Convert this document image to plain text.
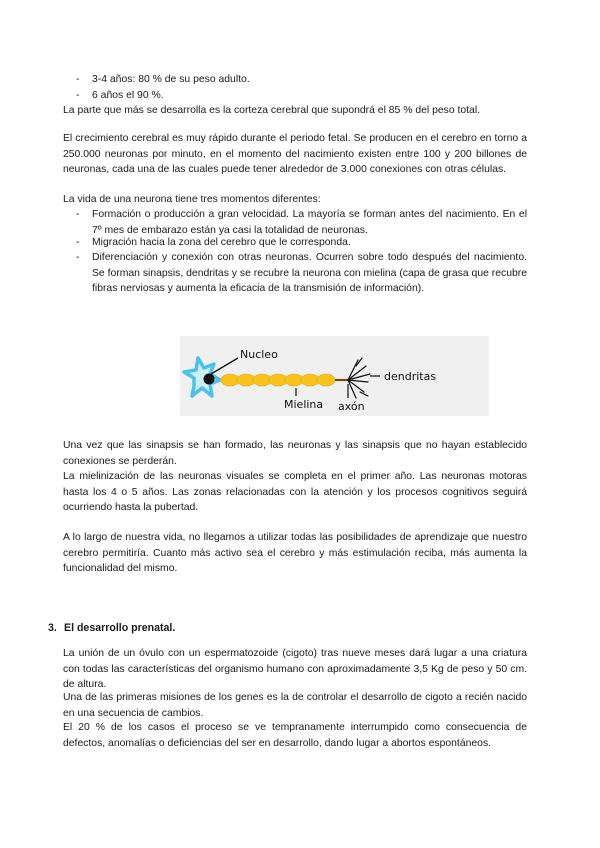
- 3-4 años: 80 % de su peso adulto.
- 6 años el 90 %.

La parte que más se desarrolla es la corteza cerebral que supondrá el 85 % del peso total.

El crecimiento cerebral es muy rápido durante el periodo fetal. Se producen en el cerebro en torno a 250.000 neuronas por minuto, en el momento del nacimiento existen entre 100 y 200 billones de neuronas, cada una de las cuales puede tener alrededor de 3.000 conexiones con otras células.

La vida de una neurona tiene tres momentos diferentes:

- Formación o producción a gran velocidad. La mayoría se forman antes del nacimiento. En el 7º mes de embarazo están ya casi la totalidad de neuronas.
- Migración hacia la zona del cerebro que le corresponda.
- Diferenciación y conexión con otras neuronas. Ocurren sobre todo después del nacimiento. Se forman sinapsis, dendritas y se recubre la neurona con mielina (capa de grasa que recubre fibras nerviosas y aumenta la eficacia de la transmisión de información).
Nucleo
dendritas
Mielina axón

Una vez que las sinapsis se han formado, las neuronas y las sinapsis que no hayan establecido conexiones se perderán.

La mielinización de las neuronas visuales se completa en el primer año. Las neuronas motoras hasta los 4 o 5 años. Las zonas relacionadas con la atención y los procesos cognitivos seguirá ocurriendo hasta la pubertad.

A lo largo de nuestra vida, no llegamos a utilizar todas las posibilidades de aprendizaje que nuestro cerebro permitiría. Cuanto más activo sea el cerebro y más estimulación reciba, más aumenta la funcionalidad del mismo.

3. El desarrollo prenatal.

La unión de un óvulo con un espermatozoide (cigoto) tras nueve meses dará lugar a una criatura con todas las características del organismo humano con aproximadamente 3,5 Kg de peso y 50 cm. de altura.

Una de las primeras misiones de los genes es la de controlar el desarrollo de cigoto a recién nacido en una secuencia de cambios.

El 20 % de los casos el proceso se ve tempranamente interrumpido como consecuencia de defectos, anomalías o deficiencias del ser en desarrollo, dando lugar a abortos espontáneos.
